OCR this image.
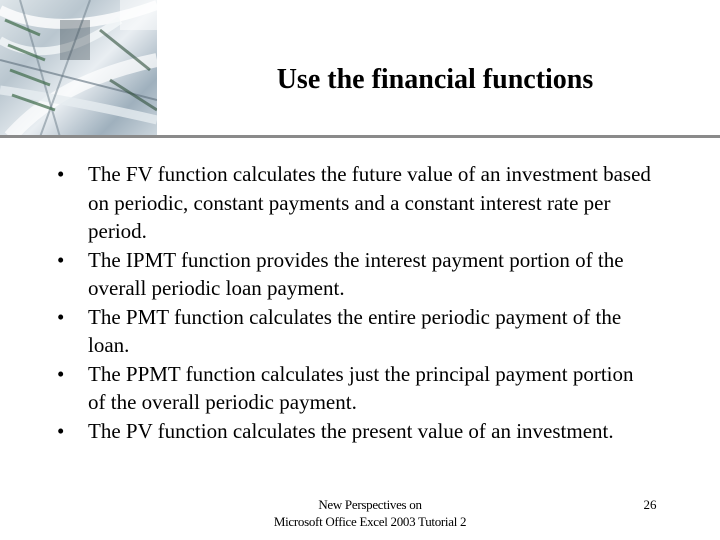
Use the financial functions
• The FV function calculates the future value of an investment based on periodic, constant payments and a constant interest rate per period.
• The IPMT function provides the interest payment portion of the overall periodic loan payment.
• The PMT function calculates the entire periodic payment of the loan.
• The PPMT function calculates just the principal payment portion of the overall periodic payment.
• The PV function calculates the present value of an investment.
New Perspectives on
Microsoft Office Excel 2003 Tutorial 2
26
